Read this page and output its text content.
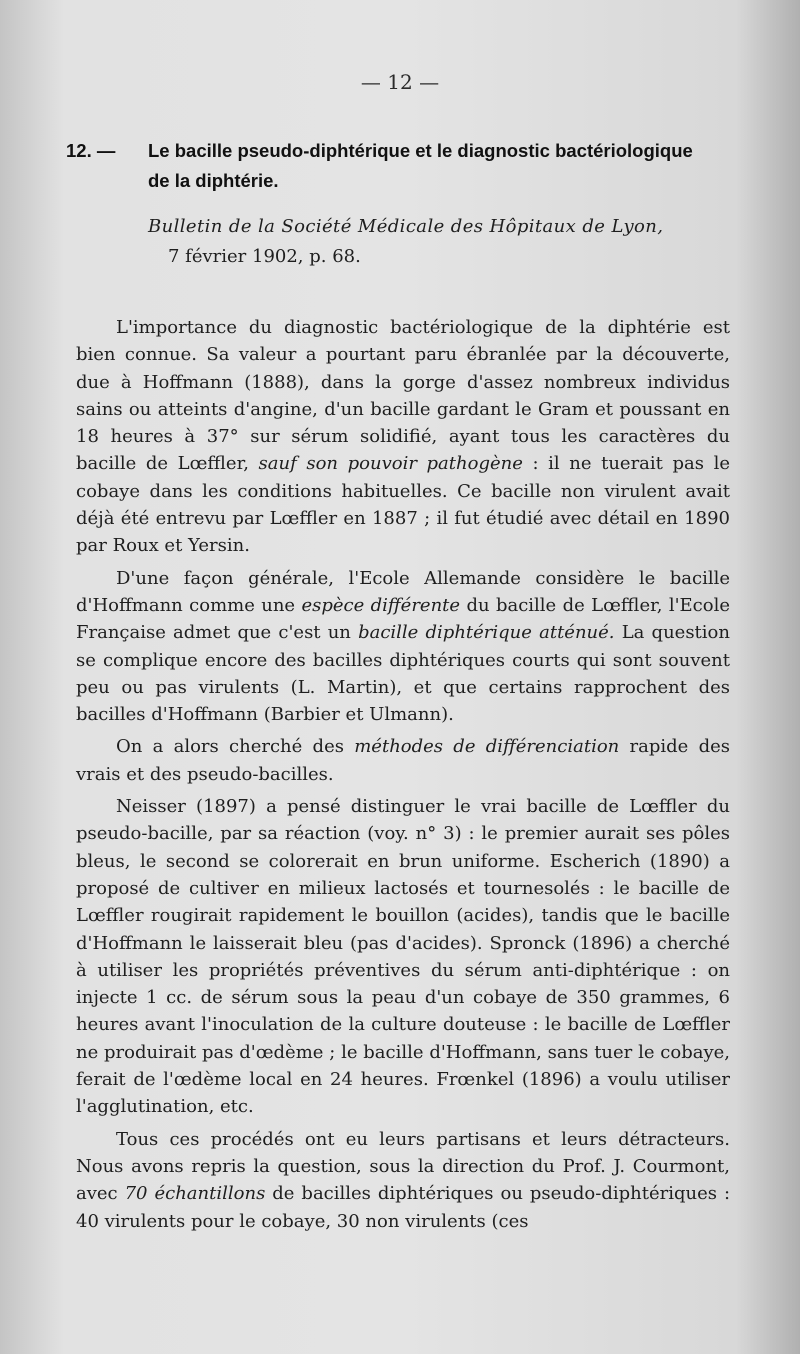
— 12 —
12. — Le bacille pseudo-diphtérique et le diagnostic bactériologique
de la diphtérie.
Bulletin de la Société Médicale des Hôpitaux de Lyon,
7 février 1902, p. 68.

L'importance du diagnostic bactériologique de la diphtérie est bien connue. Sa valeur a pourtant paru ébranlée par la découverte, due à Hoffmann (1888), dans la gorge d'assez nombreux individus sains ou atteints d'angine, d'un bacille gardant le Gram et poussant en 18 heures à 37° sur sérum solidifié, ayant tous les caractères du bacille de Lœffler, sauf son pouvoir pathogène : il ne tuerait pas le cobaye dans les conditions habituelles. Ce bacille non virulent avait déjà été entrevu par Lœffler en 1887 ; il fut étudié avec détail en 1890 par Roux et Yersin.

D'une façon générale, l'Ecole Allemande considère le bacille d'Hoffmann comme une espèce différente du bacille de Lœffler, l'Ecole Française admet que c'est un bacille diphtérique atténué. La question se complique encore des bacilles diphtériques courts qui sont souvent peu ou pas virulents (L. Martin), et que certains rapprochent des bacilles d'Hoffmann (Barbier et Ulmann).

On a alors cherché des méthodes de différenciation rapide des vrais et des pseudo-bacilles.

Neisser (1897) a pensé distinguer le vrai bacille de Lœffler du pseudo-bacille, par sa réaction (voy. n° 3) : le premier aurait ses pôles bleus, le second se colorerait en brun uniforme. Escherich (1890) a proposé de cultiver en milieux lactosés et tournesolés : le bacille de Lœffler rougirait rapidement le bouillon (acides), tandis que le bacille d'Hoffmann le laisserait bleu (pas d'acides). Spronck (1896) a cherché à utiliser les propriétés préventives du sérum anti-diphtérique : on injecte 1 cc. de sérum sous la peau d'un cobaye de 350 grammes, 6 heures avant l'inoculation de la culture douteuse : le bacille de Lœffler ne produirait pas d'œdème ; le bacille d'Hoffmann, sans tuer le cobaye, ferait de l'œdème local en 24 heures. Frœnkel (1896) a voulu utiliser l'agglutination, etc.

Tous ces procédés ont eu leurs partisans et leurs détracteurs. Nous avons repris la question, sous la direction du Prof. J. Courmont, avec 70 échantillons de bacilles diphtériques ou pseudo-diphtériques : 40 virulents pour le cobaye, 30 non virulents (ces
